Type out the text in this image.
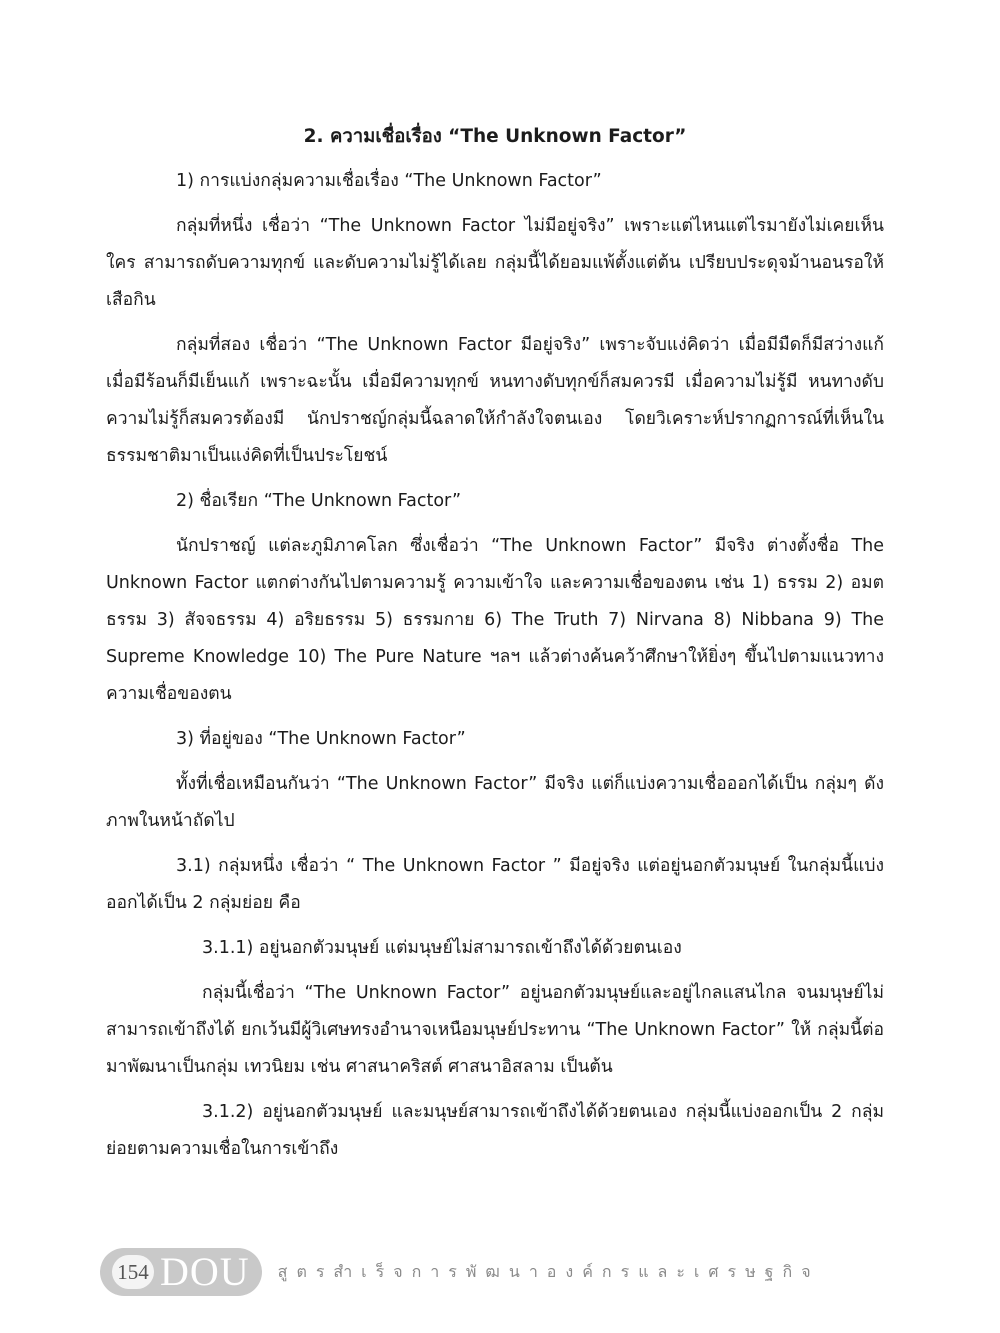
2. ความเชื่อเรื่อง “The Unknown Factor”

1) การแบ่งกลุ่มความเชื่อเรื่อง “The Unknown Factor”

กลุ่มที่หนึ่ง เชื่อว่า “The Unknown Factor ไม่มีอยู่จริง” เพราะแต่ไหนแต่ไรมายังไม่เคยเห็นใคร สามารถดับความทุกข์ และดับความไม่รู้ได้เลย กลุ่มนี้ได้ยอมแพ้ตั้งแต่ต้น เปรียบประดุจม้านอนรอให้เสือกิน

กลุ่มที่สอง เชื่อว่า “The Unknown Factor มีอยู่จริง” เพราะจับแง่คิดว่า เมื่อมีมืดก็มีสว่างแก้ เมื่อมีร้อนก็มีเย็นแก้ เพราะฉะนั้น เมื่อมีความทุกข์ หนทางดับทุกข์ก็สมควรมี เมื่อความไม่รู้มี หนทางดับความไม่รู้ก็สมควรต้องมี นักปราชญ์กลุ่มนี้ฉลาดให้กำลังใจตนเอง โดยวิเคราะห์ปรากฏการณ์ที่เห็นในธรรมชาติมาเป็นแง่คิดที่เป็นประโยชน์

2) ชื่อเรียก “The Unknown Factor”

นักปราชญ์ แต่ละภูมิภาคโลก ซึ่งเชื่อว่า “The Unknown Factor” มีจริง ต่างตั้งชื่อ The Unknown Factor แตกต่างกันไปตามความรู้ ความเข้าใจ และความเชื่อของตน เช่น 1) ธรรม 2) อมตธรรม 3) สัจจธรรม 4) อริยธรรม 5) ธรรมกาย 6) The Truth 7) Nirvana 8) Nibbana 9) The Supreme Knowledge 10) The Pure Nature ฯลฯ แล้วต่างค้นคว้าศึกษาให้ยิ่งๆ ขึ้นไปตามแนวทางความเชื่อของตน

3) ที่อยู่ของ “The Unknown Factor”

ทั้งที่เชื่อเหมือนกันว่า “The Unknown Factor” มีจริง แต่ก็แบ่งความเชื่อออกได้เป็น กลุ่มๆ ดังภาพในหน้าถัดไป

3.1) กลุ่มหนึ่ง เชื่อว่า “ The Unknown Factor ” มีอยู่จริง แต่อยู่นอกตัวมนุษย์ ในกลุ่มนี้แบ่งออกได้เป็น 2 กลุ่มย่อย คือ

3.1.1) อยู่นอกตัวมนุษย์ แต่มนุษย์ไม่สามารถเข้าถึงได้ด้วยตนเอง

กลุ่มนี้เชื่อว่า “The Unknown Factor” อยู่นอกตัวมนุษย์และอยู่ไกลแสนไกล จนมนุษย์ไม่สามารถเข้าถึงได้ ยกเว้นมีผู้วิเศษทรงอำนาจเหนือมนุษย์ประทาน “The Unknown Factor” ให้ กลุ่มนี้ต่อมาพัฒนาเป็นกลุ่ม เทวนิยม เช่น ศาสนาคริสต์ ศาสนาอิสลาม เป็นต้น

3.1.2) อยู่นอกตัวมนุษย์ และมนุษย์สามารถเข้าถึงได้ด้วยตนเอง กลุ่มนี้แบ่งออกเป็น 2 กลุ่มย่อยตามความเชื่อในการเข้าถึง

154 DOU สูตรสำเร็จการพัฒนาองค์กรและเศรษฐกิจ
